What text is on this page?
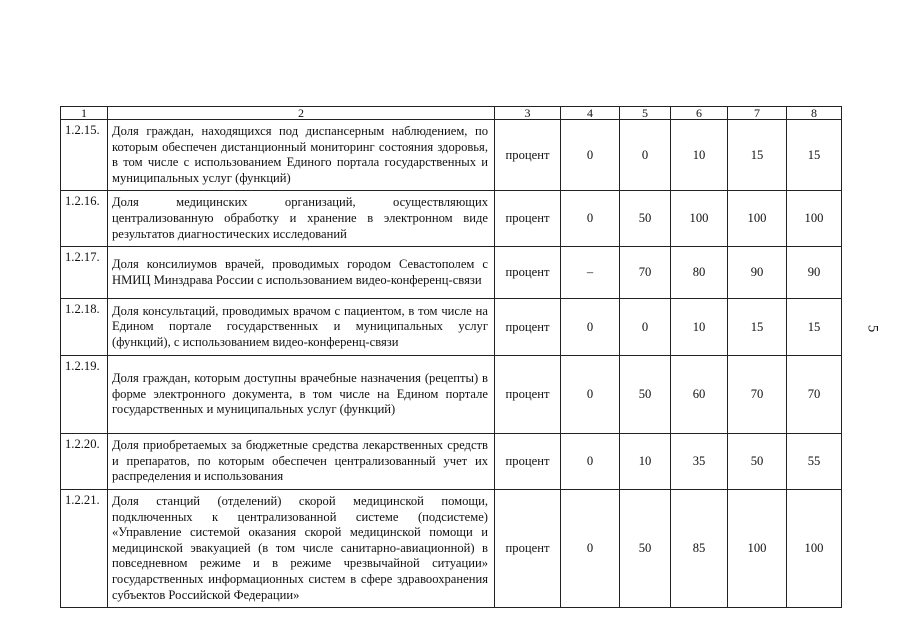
1	2	3	4	5	6	7	8
1.2.15.	Доля граждан, находящихся под диспансерным наблюдением, по которым обеспечен дистанционный мониторинг состояния здоровья, в том числе с использованием Единого портала государственных и муниципальных услуг (функций)	процент	0	0	10	15	15
1.2.16.	Доля медицинских организаций, осуществляющих централизованную обработку и хранение в электронном виде результатов диагностических исследований	процент	0	50	100	100	100
1.2.17.	Доля консилиумов врачей, проводимых городом Севастополем с НМИЦ Минздрава России с использованием видео-конференц-связи	процент	–	70	80	90	90
1.2.18.	Доля консультаций, проводимых врачом с пациентом, в том числе на Едином портале государственных и муниципальных услуг (функций), с использованием видео-конференц-связи	процент	0	0	10	15	15
1.2.19.	Доля граждан, которым доступны врачебные назначения (рецепты) в форме электронного документа, в том числе на Едином портале государственных и муниципальных услуг (функций)	процент	0	50	60	70	70
1.2.20.	Доля приобретаемых за бюджетные средства лекарственных средств и препаратов, по которым обеспечен централизованный учет их распределения и использования	процент	0	10	35	50	55
1.2.21.	Доля станций (отделений) скорой медицинской помощи, подключенных к централизованной системе (подсистеме) «Управление системой оказания скорой медицинской помощи и медицинской эвакуацией (в том числе санитарно-авиационной) в повседневном режиме и в режиме чрезвычайной ситуации» государственных информационных систем в сфере здравоохранения субъектов Российской Федерации»	процент	0	50	85	100	100
5
